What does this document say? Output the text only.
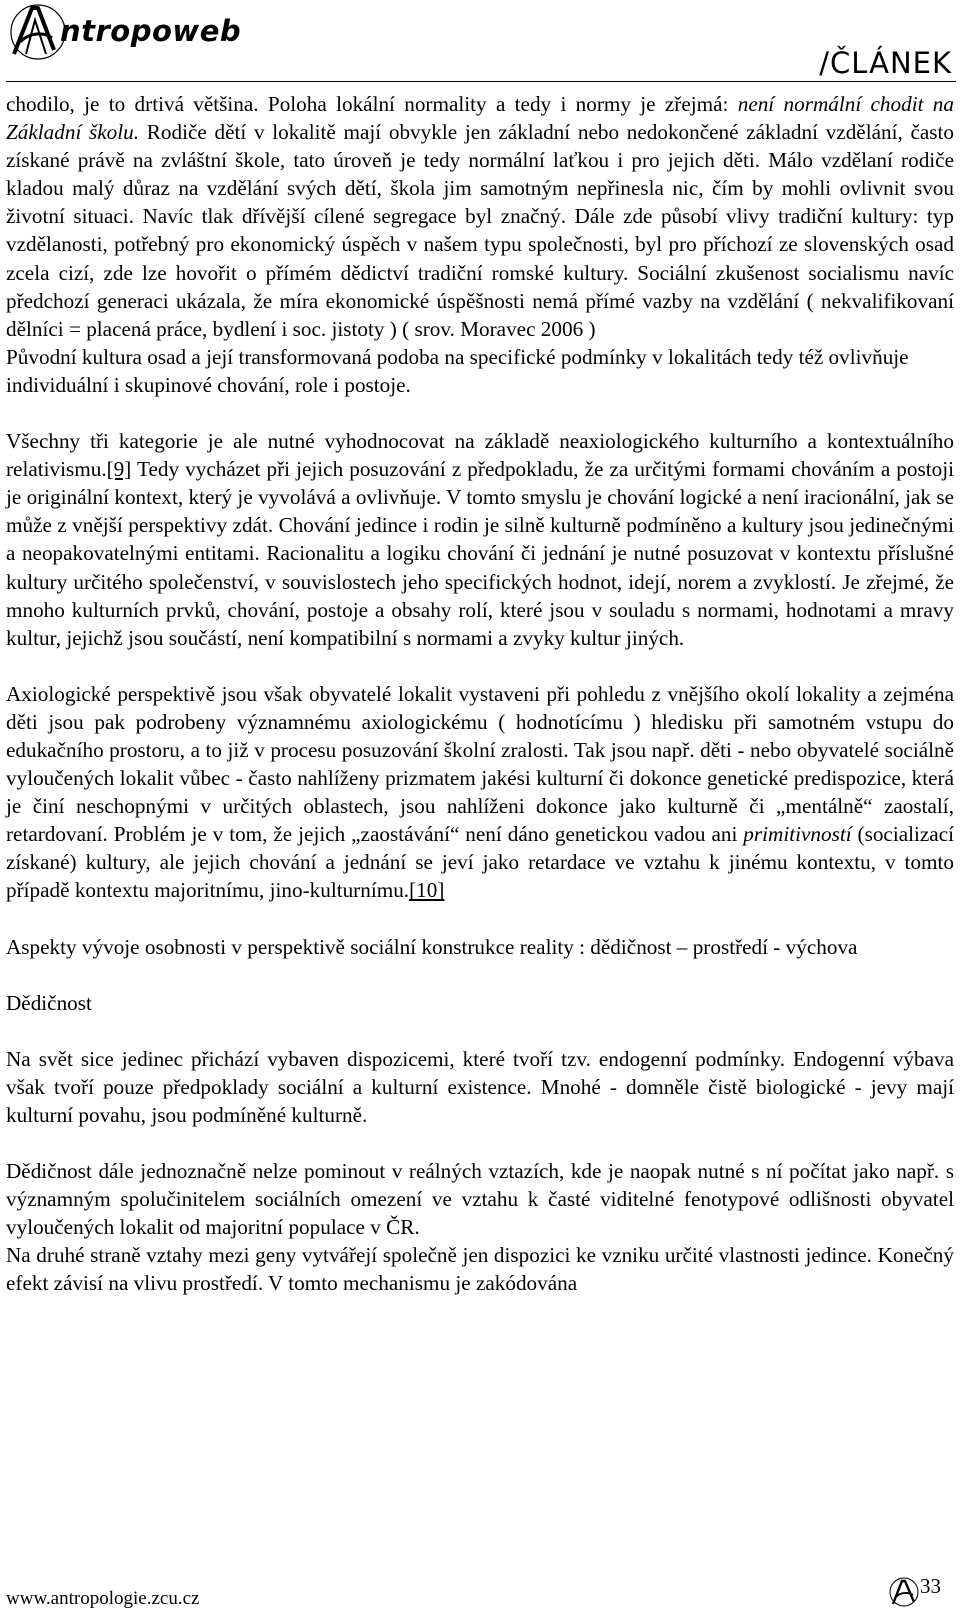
ntropoweb
/ČLÁNEK

chodilo, je to drtivá většina. Poloha lokální normality a tedy i normy je zřejmá: není normální chodit na Základní školu. Rodiče dětí v lokalitě mají obvykle jen základní nebo nedokončené základní vzdělání, často získané právě na zvláštní škole, tato úroveň je tedy normální laťkou i pro jejich děti. Málo vzdělaní rodiče kladou malý důraz na vzdělání svých dětí, škola jim samotným nepřinesla nic, čím by mohli ovlivnit svou životní situaci. Navíc tlak dřívější cílené segregace byl značný. Dále zde působí vlivy tradiční kultury: typ vzdělanosti, potřebný pro ekonomický úspěch v našem typu společnosti, byl pro příchozí ze slovenských osad zcela cizí, zde lze hovořit o přímém dědictví tradiční romské kultury. Sociální zkušenost socialismu navíc předchozí generaci ukázala, že míra ekonomické úspěšnosti nemá přímé vazby na vzdělání ( nekvalifikovaní dělníci = placená práce, bydlení i soc. jistoty ) ( srov. Moravec 2006 )

Původní kultura osad a její transformovaná podoba na specifické podmínky v lokalitách tedy též ovlivňuje individuální i skupinové chování, role i postoje.

Všechny tři kategorie je ale nutné vyhodnocovat na základě neaxiologického kulturního a kontextuálního relativismu.[9] Tedy vycházet při jejich posuzování z předpokladu, že za určitými formami chováním a postoji je originální kontext, který je vyvolává a ovlivňuje. V tomto smyslu je chování logické a není iracionální, jak se může z vnější perspektivy zdát. Chování jedince i rodin je silně kulturně podmíněno a kultury jsou jedinečnými a neopakovatelnými entitami. Racionalitu a logiku chování či jednání je nutné posuzovat v kontextu příslušné kultury určitého společenství, v souvislostech jeho specifických hodnot, idejí, norem a zvyklostí. Je zřejmé, že mnoho kulturních prvků, chování, postoje a obsahy rolí, které jsou v souladu s normami, hodnotami a mravy kultur, jejichž jsou součástí, není kompatibilní s normami a zvyky kultur jiných.

Axiologické perspektivě jsou však obyvatelé lokalit vystaveni při pohledu z vnějšího okolí lokality a zejména děti jsou pak podrobeny významnému axiologickému ( hodnotícímu ) hledisku při samotném vstupu do edukačního prostoru, a to již v procesu posuzování školní zralosti. Tak jsou např. děti - nebo obyvatelé sociálně vyloučených lokalit vůbec - často nahlíženy prizmatem jakési kulturní či dokonce genetické predispozice, která je činí neschopnými v určitých oblastech, jsou nahlíženi dokonce jako kulturně či „mentálně“ zaostalí, retardovaní. Problém je v tom, že jejich „zaostávání“ není dáno genetickou vadou ani primitivností (socializací získané) kultury, ale jejich chování a jednání se jeví jako retardace ve vztahu k jinému kontextu, v tomto případě kontextu majoritnímu, jino-kulturnímu.[10]

Aspekty vývoje osobnosti v perspektivě sociální konstrukce reality : dědičnost – prostředí - výchova

Dědičnost

Na svět sice jedinec přichází vybaven dispozicemi, které tvoří tzv. endogenní podmínky. Endogenní výbava však tvoří pouze předpoklady sociální a kulturní existence. Mnohé - domněle čistě biologické - jevy mají kulturní povahu, jsou podmíněné kulturně.

Dědičnost dále jednoznačně nelze pominout v reálných vztazích, kde je naopak nutné s ní počítat jako např. s významným spolučinitelem sociálních omezení ve vztahu k časté viditelné fenotypové odlišnosti obyvatel vyloučených lokalit od majoritní populace v ČR.

Na druhé straně vztahy mezi geny vytvářejí společně jen dispozici ke vzniku určité vlastnosti jedince. Konečný efekt závisí na vlivu prostředí. V tomto mechanismu je zakódována

www.antropologie.zcu.cz
33
